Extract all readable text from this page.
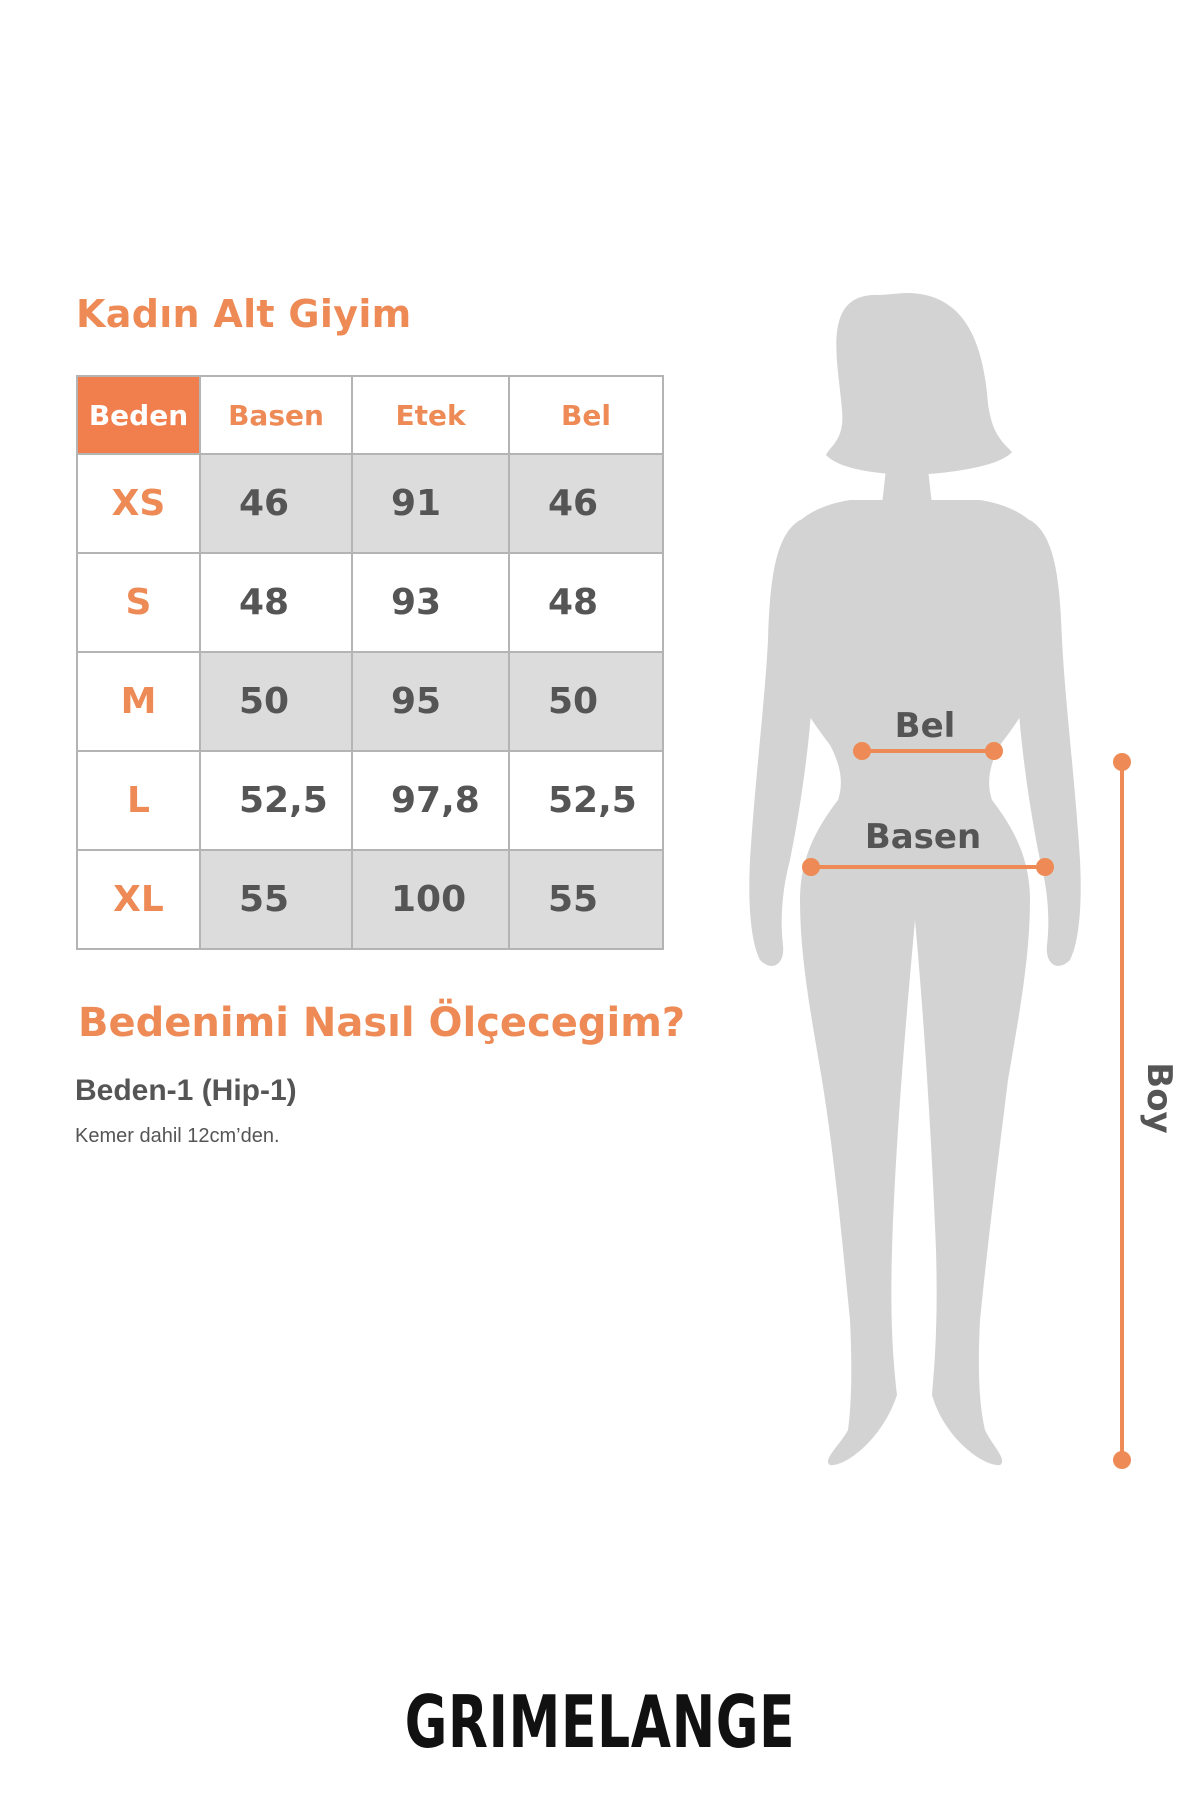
Kadın Alt Giyim
Beden	Basen	Etek	Bel
XS	46	91	46
S	48	93	48
M	50	95	50
L	52,5	97,8	52,5
XL	55	100	55
Bedenimi Nasıl Ölçecegim?
Beden-1 (Hip-1)
Kemer dahil 12cm’den.
Bel
Basen
Boy
GRIMELANGE
